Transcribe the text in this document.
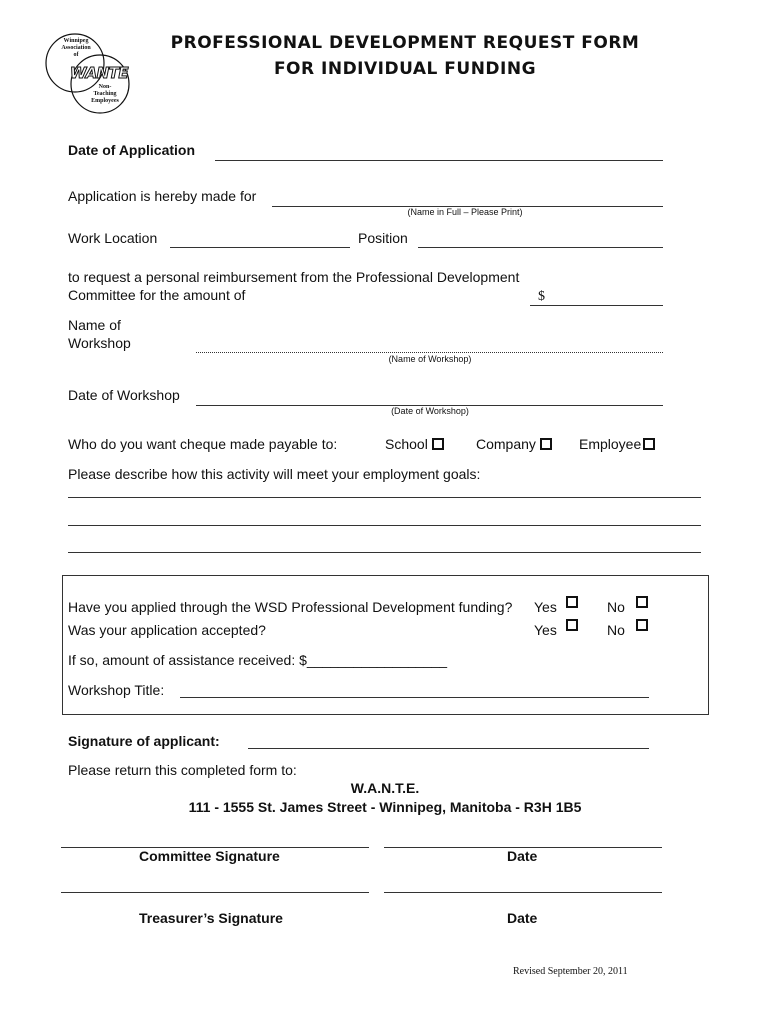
Winnipeg
Association
of
WANTE
Non-
Teaching
Employees
PROFESSIONAL DEVELOPMENT REQUEST FORM
FOR INDIVIDUAL FUNDING
Date of Application
Application is hereby made for
(Name in Full – Please Print)
Work Location	Position
to request a personal reimbursement from the Professional Development
Committee for the amount of	$
Name of
Workshop
(Name of Workshop)
Date of Workshop
(Date of Workshop)
Who do you want cheque made payable to:	School	Company	Employee
Please describe how this activity will meet your employment goals:
Have you applied through the WSD Professional Development funding? Yes	No
Was your application accepted?	Yes	No
If so, amount of assistance received: $__________________
Workshop Title:
Signature of applicant:
Please return this completed form to:
W.A.N.T.E.
111 - 1555 St. James Street - Winnipeg, Manitoba - R3H 1B5
Committee Signature	Date
Treasurer’s Signature	Date
Revised September 20, 2011
